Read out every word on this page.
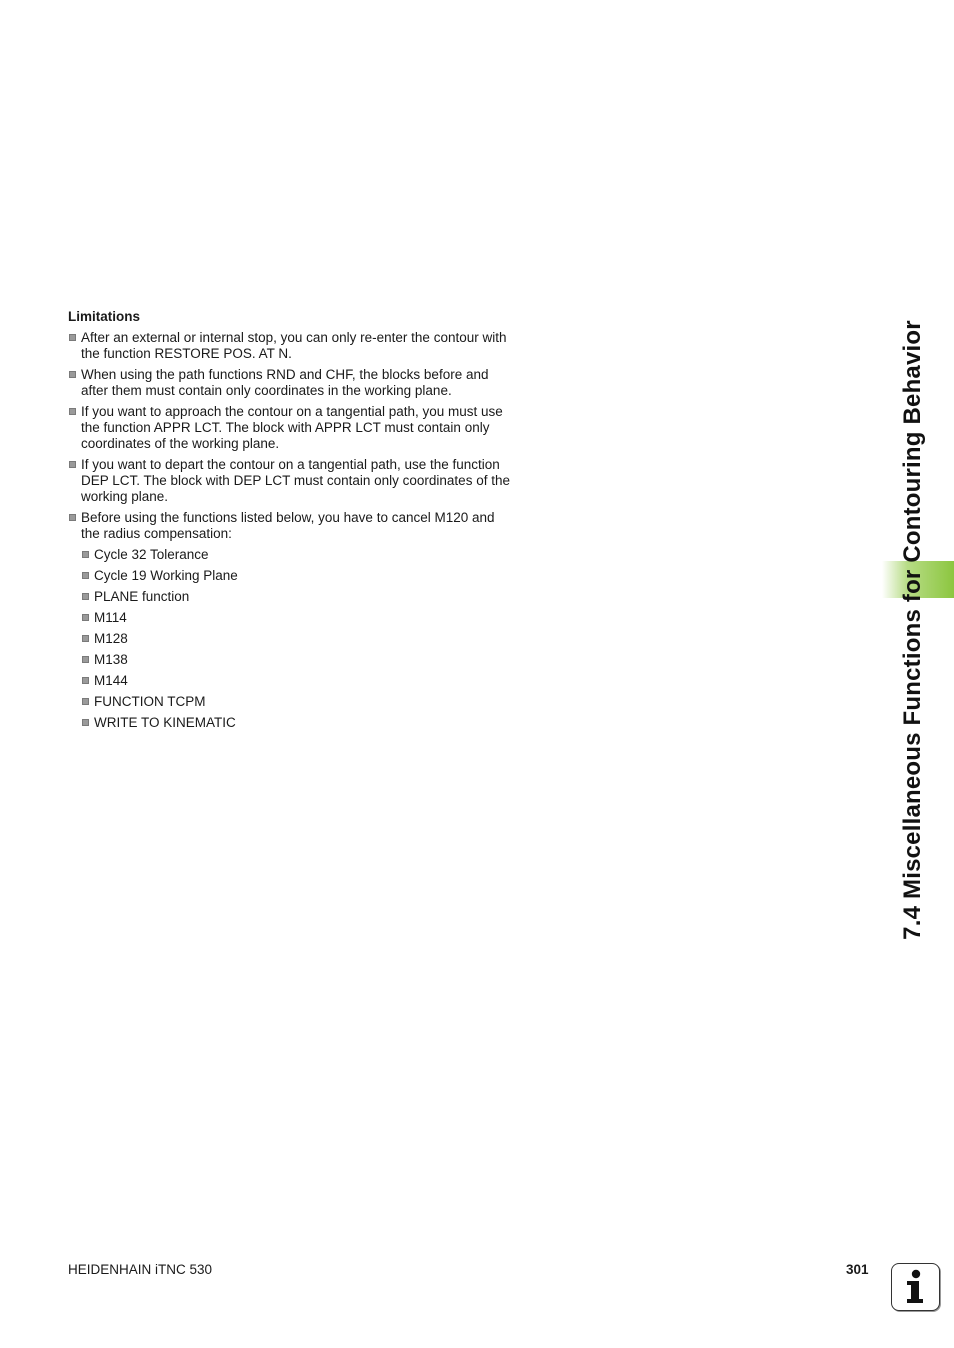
Limitations
After an external or internal stop, you can only re-enter the contour with the function RESTORE POS. AT N.
When using the path functions RND and CHF, the blocks before and after them must contain only coordinates in the working plane.
If you want to approach the contour on a tangential path, you must use the function APPR LCT. The block with APPR LCT must contain only coordinates of the working plane.
If you want to depart the contour on a tangential path, use the function DEP LCT. The block with DEP LCT must contain only coordinates of the working plane.
Before using the functions listed below, you have to cancel M120 and the radius compensation:
Cycle 32 Tolerance
Cycle 19 Working Plane
PLANE function
M114
M128
M138
M144
FUNCTION TCPM
WRITE TO KINEMATIC	7.4 Miscellaneous Functions for Contouring Behavior
HEIDENHAIN iTNC 530	301
